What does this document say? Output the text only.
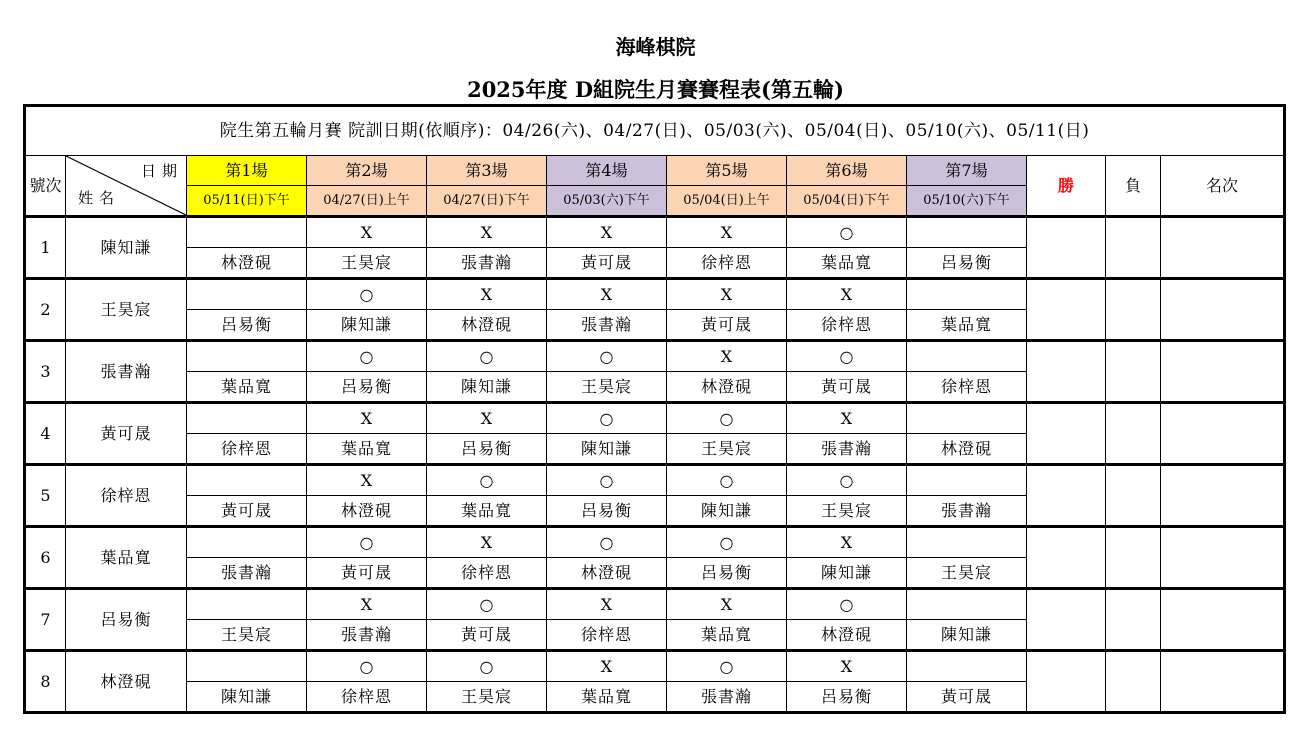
海峰棋院
2025年度 D組院生月賽賽程表(第五輪)
院生第五輪月賽 院訓日期(依順序)：04/26(六)、04/27(日)、05/03(六)、05/04(日)、05/10(六)、05/11(日)											
號次	日期
姓名	第1場	第2場	第3場	第4場	第5場	第6場	第7場	勝	負	名次
		05/11(日)下午	04/27(日)上午	04/27(日)下午	05/03(六)下午	05/04(日)上午	05/04(日)下午	05/10(六)下午			
1	陳知謙		X	X	X	X	○				
		林澄硯	王昊宸	張書瀚	黃可晟	徐梓恩	葉品寬	呂易衡			
2	王昊宸		○	X	X	X	X				
		呂易衡	陳知謙	林澄硯	張書瀚	黃可晟	徐梓恩	葉品寬			
3	張書瀚		○	○	○	X	○				
		葉品寬	呂易衡	陳知謙	王昊宸	林澄硯	黃可晟	徐梓恩			
4	黃可晟		X	X	○	○	X				
		徐梓恩	葉品寬	呂易衡	陳知謙	王昊宸	張書瀚	林澄硯			
5	徐梓恩		X	○	○	○	○				
		黃可晟	林澄硯	葉品寬	呂易衡	陳知謙	王昊宸	張書瀚			
6	葉品寬		○	X	○	○	X				
		張書瀚	黃可晟	徐梓恩	林澄硯	呂易衡	陳知謙	王昊宸			
7	呂易衡		X	○	X	X	○				
		王昊宸	張書瀚	黃可晟	徐梓恩	葉品寬	林澄硯	陳知謙			
8	林澄硯		○	○	X	○	X				
		陳知謙	徐梓恩	王昊宸	葉品寬	張書瀚	呂易衡	黃可晟			
